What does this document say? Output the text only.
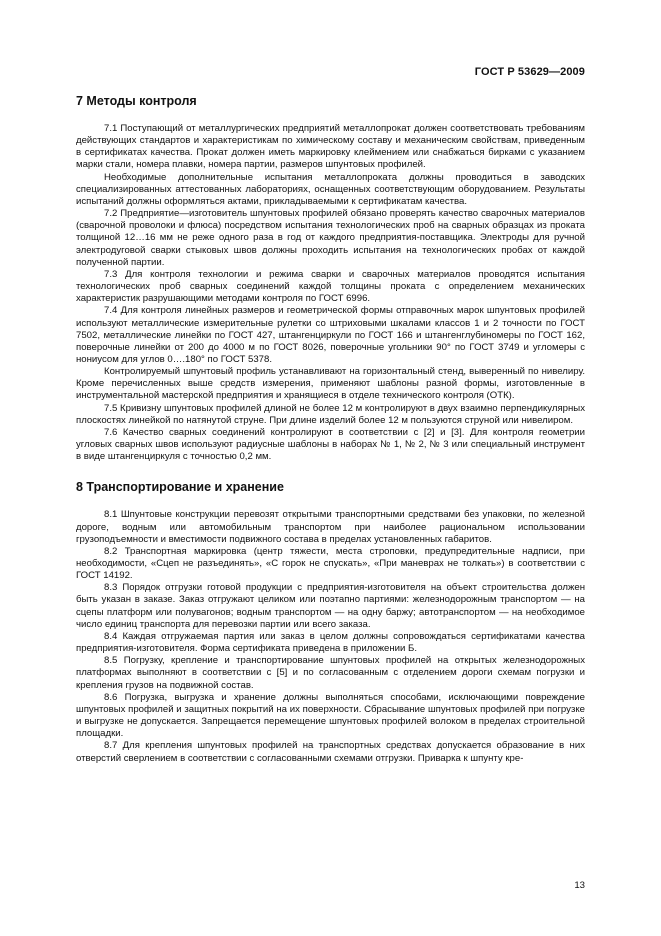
ГОСТ Р 53629—2009
7 Методы контроля

7.1 Поступающий от металлургических предприятий металлопрокат должен соответствовать требованиям действующих стандартов и характеристикам по химическому составу и механическим свойствам, приведенным в сертификатах качества. Прокат должен иметь маркировку клеймением или снабжаться бирками с указанием марки стали, номера плавки, номера партии, размеров шпунтовых профилей.

Необходимые дополнительные испытания металлопроката должны проводиться в заводских специализированных аттестованных лабораториях, оснащенных соответствующим оборудованием. Результаты испытаний должны оформляться актами, прикладываемыми к сертификатам качества.

7.2 Предприятие—изготовитель шпунтовых профилей обязано проверять качество сварочных материалов (сварочной проволоки и флюса) посредством испытания технологических проб на сварных образцах из проката толщиной 12…16 мм не реже одного раза в год от каждого предприятия-поставщика. Электроды для ручной электродуговой сварки стыковых швов должны проходить испытания на технологических пробах от каждой полученной партии.

7.3 Для контроля технологии и режима сварки и сварочных материалов проводятся испытания технологических проб сварных соединений каждой толщины проката с определением механических характеристик разрушающими методами контроля по ГОСТ 6996.

7.4 Для контроля линейных размеров и геометрической формы отправочных марок шпунтовых профилей используют металлические измерительные рулетки со штриховыми шкалами классов 1 и 2 точности по ГОСТ 7502, металлические линейки по ГОСТ 427, штангенциркули по ГОСТ 166 и штангенглубиномеры по ГОСТ 162, поверочные линейки от 200 до 4000 м по ГОСТ 8026, поверочные угольники 90° по ГОСТ 3749 и угломеры с нониусом для углов 0….180° по ГОСТ 5378.

Контролируемый шпунтовый профиль устанавливают на горизонтальный стенд, выверенный по нивелиру. Кроме перечисленных выше средств измерения, применяют шаблоны разной формы, изготовленные в инструментальной мастерской предприятия и хранящиеся в отделе технического контроля (ОТК).

7.5 Кривизну шпунтовых профилей длиной не более 12 м контролируют в двух взаимно перпендикулярных плоскостях линейкой по натянутой струне. При длине изделий более 12 м пользуются струной или нивелиром.

7.6 Качество сварных соединений контролируют в соответствии с [2] и [3]. Для контроля геометрии угловых сварных швов используют радиусные шаблоны в наборах № 1, № 2, № 3 или специальный инструмент в виде штангенциркуля с точностью 0,2 мм.

8 Транспортирование и хранение

8.1 Шпунтовые конструкции перевозят открытыми транспортными средствами без упаковки, по железной дороге, водным или автомобильным транспортом при наиболее рациональном использовании грузоподъемности и вместимости подвижного состава в пределах установленных габаритов.

8.2 Транспортная маркировка (центр тяжести, места строповки, предупредительные надписи, при необходимости, «Сцеп не разъединять», «С горок не спускать», «При маневрах не толкать») в соответствии с ГОСТ 14192.

8.3 Порядок отгрузки готовой продукции с предприятия-изготовителя на объект строительства должен быть указан в заказе. Заказ отгружают целиком или поэтапно партиями: железнодорожным транспортом — на сцепы платформ или полувагонов; водным транспортом — на одну баржу; автотранспортом — на необходимое число единиц транспорта для перевозки партии или всего заказа.

8.4 Каждая отгружаемая партия или заказ в целом должны сопровождаться сертификатами качества предприятия-изготовителя. Форма сертификата приведена в приложении Б.

8.5 Погрузку, крепление и транспортирование шпунтовых профилей на открытых железнодорожных платформах выполняют в соответствии с [5] и по согласованным с отделением дороги схемам погрузки и крепления грузов на подвижной состав.

8.6 Погрузка, выгрузка и хранение должны выполняться способами, исключающими повреждение шпунтовых профилей и защитных покрытий на их поверхности. Сбрасывание шпунтовых профилей при погрузке и выгрузке не допускается. Запрещается перемещение шпунтовых профилей волоком в пределах строительной площадки.

8.7 Для крепления шпунтовых профилей на транспортных средствах допускается образование в них отверстий сверлением в соответствии с согласованными схемами отгрузки. Приварка к шпунту кре-

13
